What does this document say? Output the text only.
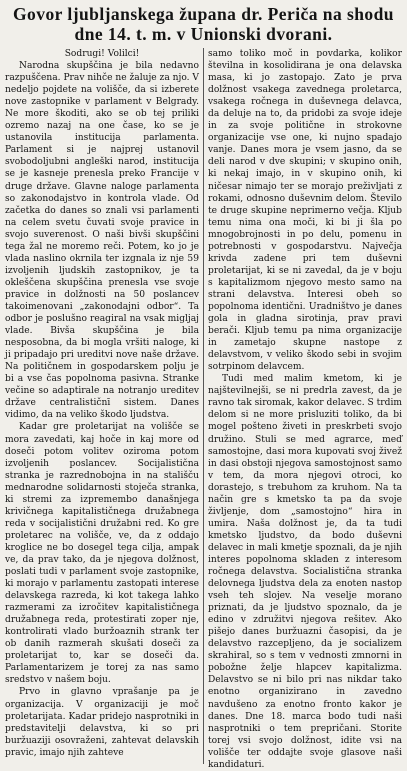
Govor ljubljanskega župana dr. Periča na shodu dne 14. t. m. v Unionski dvorani.

Sodrugi! Volilci!

Narodna skupščina je bila nedavno razpuščena. Prav nihče ne žaluje za njo. V nedeljo pojdete na volišče, da si izberete nove zastopnike v parlament v Belgrady. Ne more škoditi, ako se ob tej priliki ozremo nazaj na one čase, ko se je ustanovila institucija parlamenta. Parlament si je najprej ustanovil svobodoljubni angleški narod, institucija se je kasneje prenesla preko Francije v druge države. Glavne naloge parlamenta so zakonodajstvo in kontrola vlade. Od začetka do danes so znali vsi parlamenti na celem svetu čuvati svoje pravice in svojo suverenost. O naši bivši skupščini tega žal ne moremo reči. Potem, ko jo je vlada naslino okrnila ter izgnala iz nje 59 izvoljenih ljudskih zastopnikov, je ta okleščena skupščina prenesla vse svoje pravice in dolžnosti na 50 poslancev takoimenovani „zakonodajni odbor“. Ta odbor je poslušno reagiral na vsak migljaj vlade. Bivša skupščina je bila nesposobna, da bi mogla vršiti naloge, ki ji pripadajo pri ureditvi nove naše države. Na političnem in gospodarskem polju je bi a vse čas popolnoma pasivna. Stranke večine so adaptirale na notranjo ureditev države centralističnī sistem. Danes vidimo, da na veliko škodo ljudstva.

Kadar gre proletarijat na volišče se mora zavedati, kaj hoče in kaj more od doseči potom volitev oziroma potom izvoljenih poslancev. Socijalistična stranka je razrednobojna in na stališču mednarodne solidarnosti stoječa stranka, ki stremi za izpremembo današnjega krivičnega kapitalističnega družabnega reda v socijalistični družabni red. Ko gre proletarec na volišče, ve, da z oddajo kroglice ne bo dosegel tega cilja, ampak ve, da prav tako, da je njegova dolžnost, poslati tudi v parlament svoje zastopnike, ki morajo v parlamentu zastopati interese delavskega razreda, ki kot takega lahko razmerami za izročitev kapitalističnega družabnega reda, protestirati zoper nje, kontrolirati vlado buržoaznih strank ter ob danih razmerah skušati doseči za proletarijat to, kar se doseči da. Parlamentarizem je torej za nas samo sredstvo v našem boju.

Prvo in glavno vprašanje pa je organizacija. V organizaciji je moč proletarijata. Kadar pridejo nasprotniki in predstavitelji delavstva, ki so pri buržuaziji osovraženi, zahtevat delavskih pravic, imajo njih zahteve

samo toliko moč in povdarka, kolikor številna in kosolidirana je ona delavska masa, ki jo zastopajo. Zato je prva dolžnost vsakega zavednega proletarca, vsakega ročnega in duševnega delavca, da deluje na to, da pridobi za svoje ideje in za svoje politične in strokovne organizacije vse one, ki nujno spadajo vanje. Danes mora je vsem jasno, da se deli narod v dve skupini; v skupino onih, ki nekaj imajo, in v skupino onih, ki ničesar nimajo ter se morajo preživljati z rokami, odnosno duševnim delom. Število te druge skupine neprimerno večja. Kljub temu nima ona moči, ki bi ji šla po mnogobrojnosti in po delu, pomenu in potrebnosti v gospodarstvu. Največja krivda zadene pri tem duševni proletarijat, ki se ni zavedal, da je v boju s kapitalizmom njegovo mesto samo na strani delavstva. Interesi obeh so popolnoma identični. Uradništvo je danes gola in gladna sirotinja, prav pravi berači. Kljub temu pa nima organizacije in zametajo skupne nastope z delavstvom, v veliko škodo sebi in svojim sotrpinom delavcem.

Tudi med malim kmetom, ki je najštevilnejši, se ni predrla zavest, da je ravno tak siromak, kakor delavec. S trdim delom si ne more prisluziti toliko, da bi mogel pošteno živeti in preskrbeti svojo družino. Stuli se med agrarce, meď samostojne, dasi mora kupovati svoj živež in dasi obstoji njegova samostojnost samo v tem, da mora njegovi otroci, ko dorastejo, s trebuhom za kruhom. Na ta način gre s kmetsko ta pa da svoje življenje, dom „samostojno“ hira in umira. Naša dolžnost je, da ta tudi kmetsko ljudstvo, da bodo duševni delavec in mali kmetje spoznali, da je njih interes popolnoma skladen z interesom ročnega delavstva. Socialistična stranka delovnega ljudstva dela za enoten nastop vseh teh slojev. Na veselje morano priznati, da je ljudstvo spoznalo, da je edino v združitvi njegova rešitev. Ako pišejo danes buržuazni časopisi, da je delavstvo razcepljeno, da je socializem skrahiral, so s tem v vednosti zmnorni in pobožne želje hlapcev kapitalizma. Delavstvo se ni bilo pri nas nikdar tako enotno organizirano in zavedno navdušeno za enotno fronto kakor je danes. Dne 18. marca bodo tudi naši nasprotniki o tem prepričani. Storite torej vsi svojo dolžnost, idite vsi na volišče ter oddajte svoje glasove naši kandidaturi.
